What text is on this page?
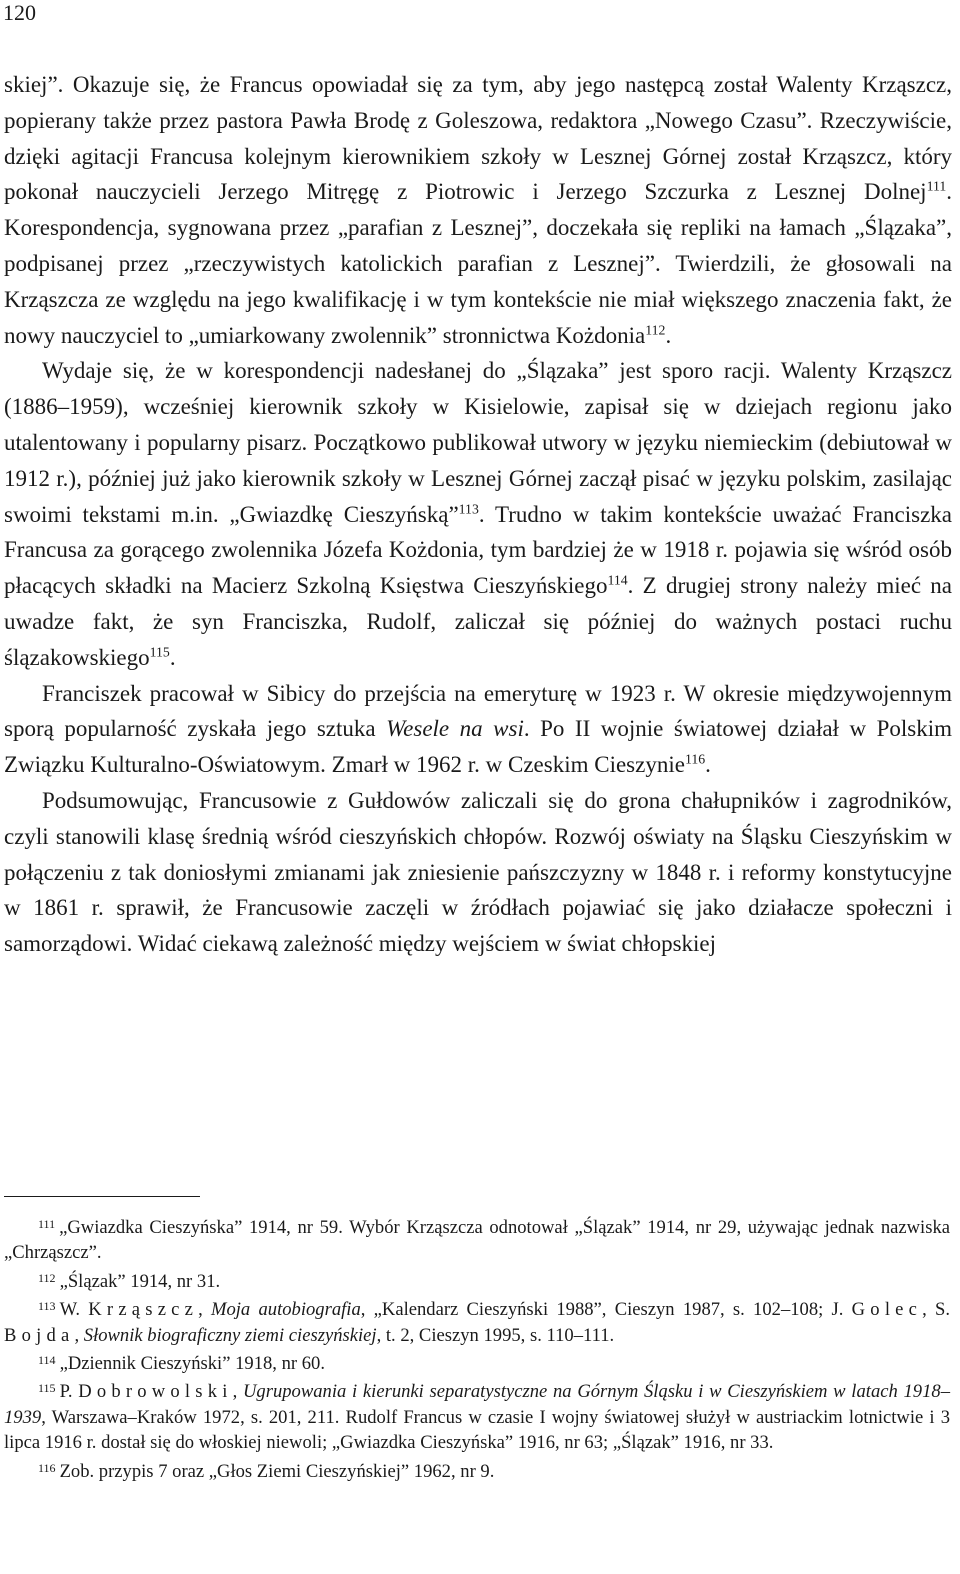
120

skiej”. Okazuje się, że Francus opowiadał się za tym, aby jego następcą został Walenty Krząszcz, popierany także przez pastora Pawła Brodę z Goleszowa, redaktora „Nowego Czasu”. Rzeczywiście, dzięki agitacji Francusa kolejnym kierownikiem szkoły w Lesznej Górnej został Krząszcz, który pokonał nauczycieli Jerzego Mitręgę z Piotrowic i Jerzego Szczurka z Lesznej Dolnej$^{111}$. Korespondencja, sygnowana przez „parafian z Lesznej”, doczekała się repliki na łamach „Ślązaka”, podpisanej przez „rzeczywistych katolickich parafian z Lesznej”. Twierdzili, że głosowali na Krząszcza ze względu na jego kwalifikację i w tym kontekście nie miał większego znaczenia fakt, że nowy nauczyciel to „umiarkowany zwolennik” stronnictwa Kożdonia$^{112}$.

Wydaje się, że w korespondencji nadesłanej do „Ślązaka” jest sporo racji. Walenty Krząszcz (1886–1959), wcześniej kierownik szkoły w Kisielowie, zapisał się w dziejach regionu jako utalentowany i popularny pisarz. Początkowo publikował utwory w języku niemieckim (debiutował w 1912 r.), później już jako kierownik szkoły w Lesznej Górnej zaczął pisać w języku polskim, zasilając swoimi tekstami m.in. „Gwiazdkę Cieszyńską”$^{113}$. Trudno w takim kontekście uważać Franciszka Francusa za gorącego zwolennika Józefa Kożdonia, tym bardziej że w 1918 r. pojawia się wśród osób płacących składki na Macierz Szkolną Księstwa Cieszyńskiego$^{114}$. Z drugiej strony należy mieć na uwadze fakt, że syn Franciszka, Rudolf, zaliczał się później do ważnych postaci ruchu ślązakowskiego$^{115}$.

Franciszek pracował w Sibicy do przejścia na emeryturę w 1923 r. W okresie międzywojennym sporą popularność zyskała jego sztuka Wesele na wsi. Po II wojnie światowej działał w Polskim Związku Kulturalno-Oświatowym. Zmarł w 1962 r. w Czeskim Cieszynie$^{116}$.

Podsumowując, Francusowie z Gułdowów zaliczali się do grona chałupników i zagrodników, czyli stanowili klasę średnią wśród cieszyńskich chłopów. Rozwój oświaty na Śląsku Cieszyńskim w połączeniu z tak doniosłymi zmianami jak zniesienie pańszczyzny w 1848 r. i reformy konstytucyjne w 1861 r. sprawił, że Francusowie zaczęli w źródłach pojawiać się jako działacze społeczni i samorządowi. Widać ciekawą zależność między wejściem w świat chłopskiej

$^{111}$ „Gwiazdka Cieszyńska” 1914, nr 59. Wybór Krząszcza odnotował „Ślązak” 1914, nr 29, używając jednak nazwiska „Chrząszcz”.

$^{112}$ „Ślązak” 1914, nr 31.

$^{113}$ W. Krząszcz, Moja autobiografia, „Kalendarz Cieszyński 1988”, Cieszyn 1987, s. 102–108; J. Golec, S. Bojda, Słownik biograficzny ziemi cieszyńskiej, t. 2, Cieszyn 1995, s. 110–111.

$^{114}$ „Dziennik Cieszyński” 1918, nr 60.

$^{115}$ P. Dobrowolski, Ugrupowania i kierunki separatystyczne na Górnym Śląsku i w Cieszyńskiem w latach 1918–1939, Warszawa–Kraków 1972, s. 201, 211. Rudolf Francus w czasie I wojny światowej służył w austriackim lotnictwie i 3 lipca 1916 r. dostał się do włoskiej niewoli; „Gwiazdka Cieszyńska” 1916, nr 63; „Ślązak” 1916, nr 33.

$^{116}$ Zob. przypis 7 oraz „Głos Ziemi Cieszyńskiej” 1962, nr 9.
